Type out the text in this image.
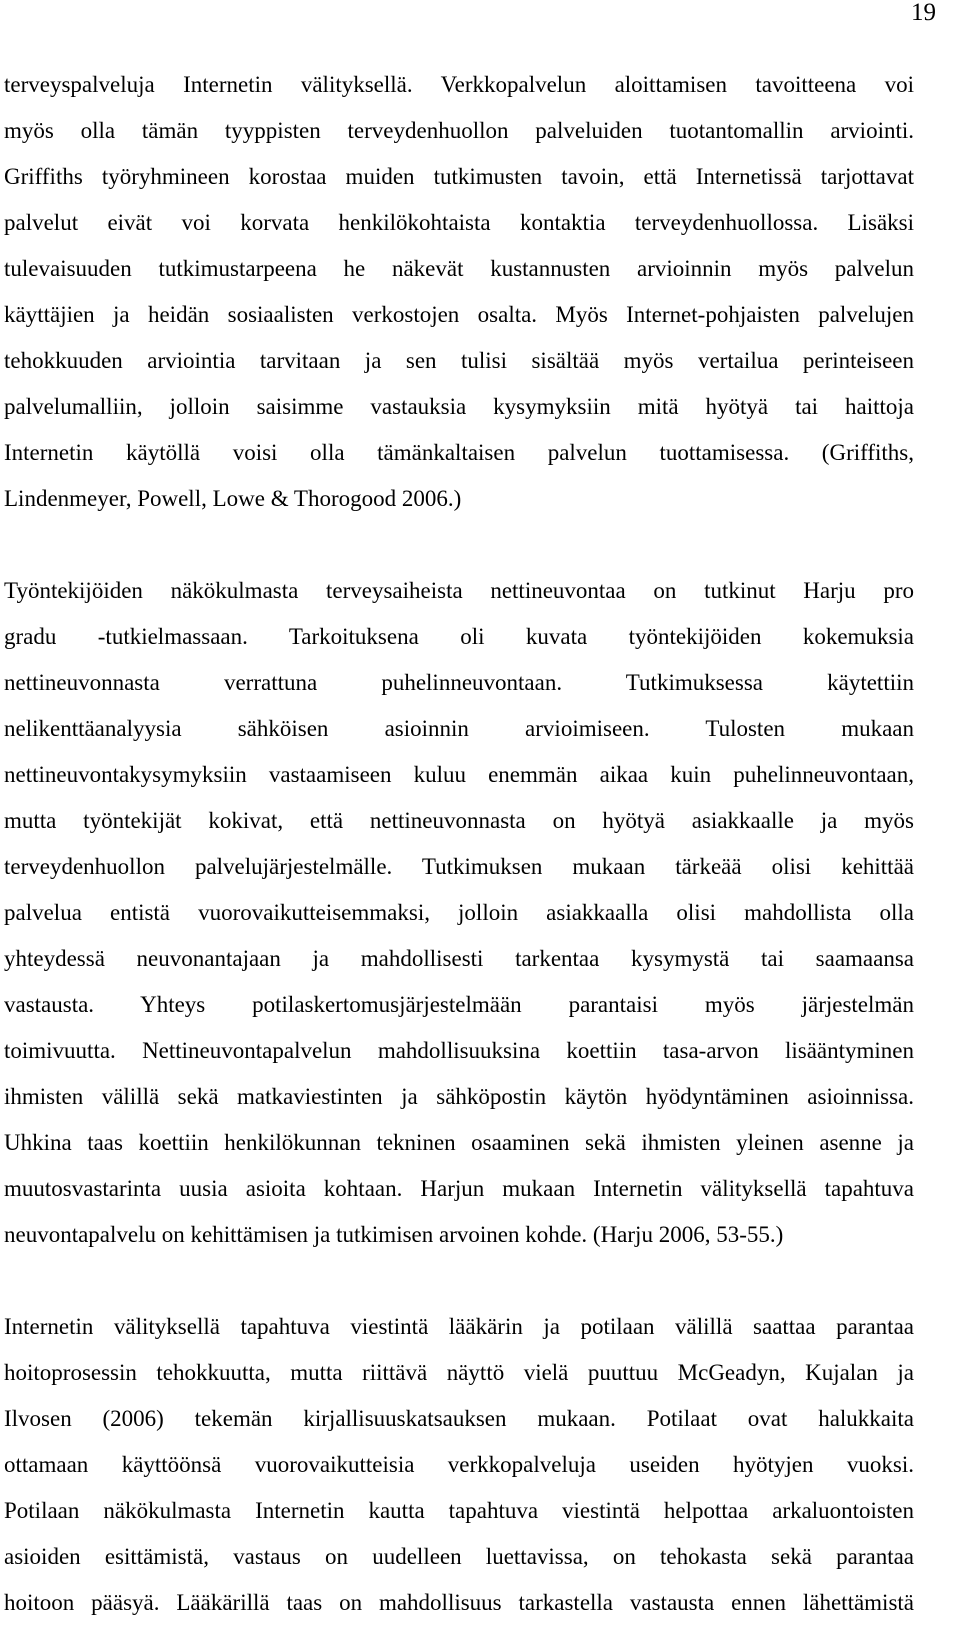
19

terveyspalveluja Internetin välityksellä. Verkkopalvelun aloittamisen tavoitteena voi
myös olla tämän tyyppisten terveydenhuollon palveluiden tuotantomallin arviointi.
Griffiths työryhmineen korostaa muiden tutkimusten tavoin, että Internetissä tarjottavat
palvelut eivät voi korvata henkilökohtaista kontaktia terveydenhuollossa. Lisäksi
tulevaisuuden tutkimustarpeena he näkevät kustannusten arvioinnin myös palvelun
käyttäjien ja heidän sosiaalisten verkostojen osalta. Myös Internet-pohjaisten palvelujen
tehokkuuden arviointia tarvitaan ja sen tulisi sisältää myös vertailua perinteiseen
palvelumalliin, jolloin saisimme vastauksia kysymyksiin mitä hyötyä tai haittoja
Internetin käytöllä voisi olla tämänkaltaisen palvelun tuottamisessa. (Griffiths,
Lindenmeyer, Powell, Lowe & Thorogood 2006.)

Työntekijöiden näkökulmasta terveysaiheista nettineuvontaa on tutkinut Harju pro
gradu -tutkielmassaan. Tarkoituksena oli kuvata työntekijöiden kokemuksia
nettineuvonnasta verrattuna puhelinneuvontaan. Tutkimuksessa käytettiin
nelikenttäanalyysia sähköisen asioinnin arvioimiseen. Tulosten mukaan
nettineuvontakysymyksiin vastaamiseen kuluu enemmän aikaa kuin puhelinneuvontaan,
mutta työntekijät kokivat, että nettineuvonnasta on hyötyä asiakkaalle ja myös
terveydenhuollon palvelujärjestelmälle. Tutkimuksen mukaan tärkeää olisi kehittää
palvelua entistä vuorovaikutteisemmaksi, jolloin asiakkaalla olisi mahdollista olla
yhteydessä neuvonantajaan ja mahdollisesti tarkentaa kysymystä tai saamaansa
vastausta. Yhteys potilaskertomusjärjestelmään parantaisi myös järjestelmän
toimivuutta. Nettineuvontapalvelun mahdollisuuksina koettiin tasa-arvon lisääntyminen
ihmisten välillä sekä matkaviestinten ja sähköpostin käytön hyödyntäminen asioinnissa.
Uhkina taas koettiin henkilökunnan tekninen osaaminen sekä ihmisten yleinen asenne ja
muutosvastarinta uusia asioita kohtaan. Harjun mukaan Internetin välityksellä tapahtuva
neuvontapalvelu on kehittämisen ja tutkimisen arvoinen kohde. (Harju 2006, 53-55.)

Internetin välityksellä tapahtuva viestintä lääkärin ja potilaan välillä saattaa parantaa
hoitoprosessin tehokkuutta, mutta riittävä näyttö vielä puuttuu McGeadyn, Kujalan ja
Ilvosen (2006) tekemän kirjallisuuskatsauksen mukaan. Potilaat ovat halukkaita
ottamaan käyttöönsä vuorovaikutteisia verkkopalveluja useiden hyötyjen vuoksi.
Potilaan näkökulmasta Internetin kautta tapahtuva viestintä helpottaa arkaluontoisten
asioiden esittämistä, vastaus on uudelleen luettavissa, on tehokasta sekä parantaa
hoitoon pääsyä. Lääkärillä taas on mahdollisuus tarkastella vastausta ennen lähettämistä
